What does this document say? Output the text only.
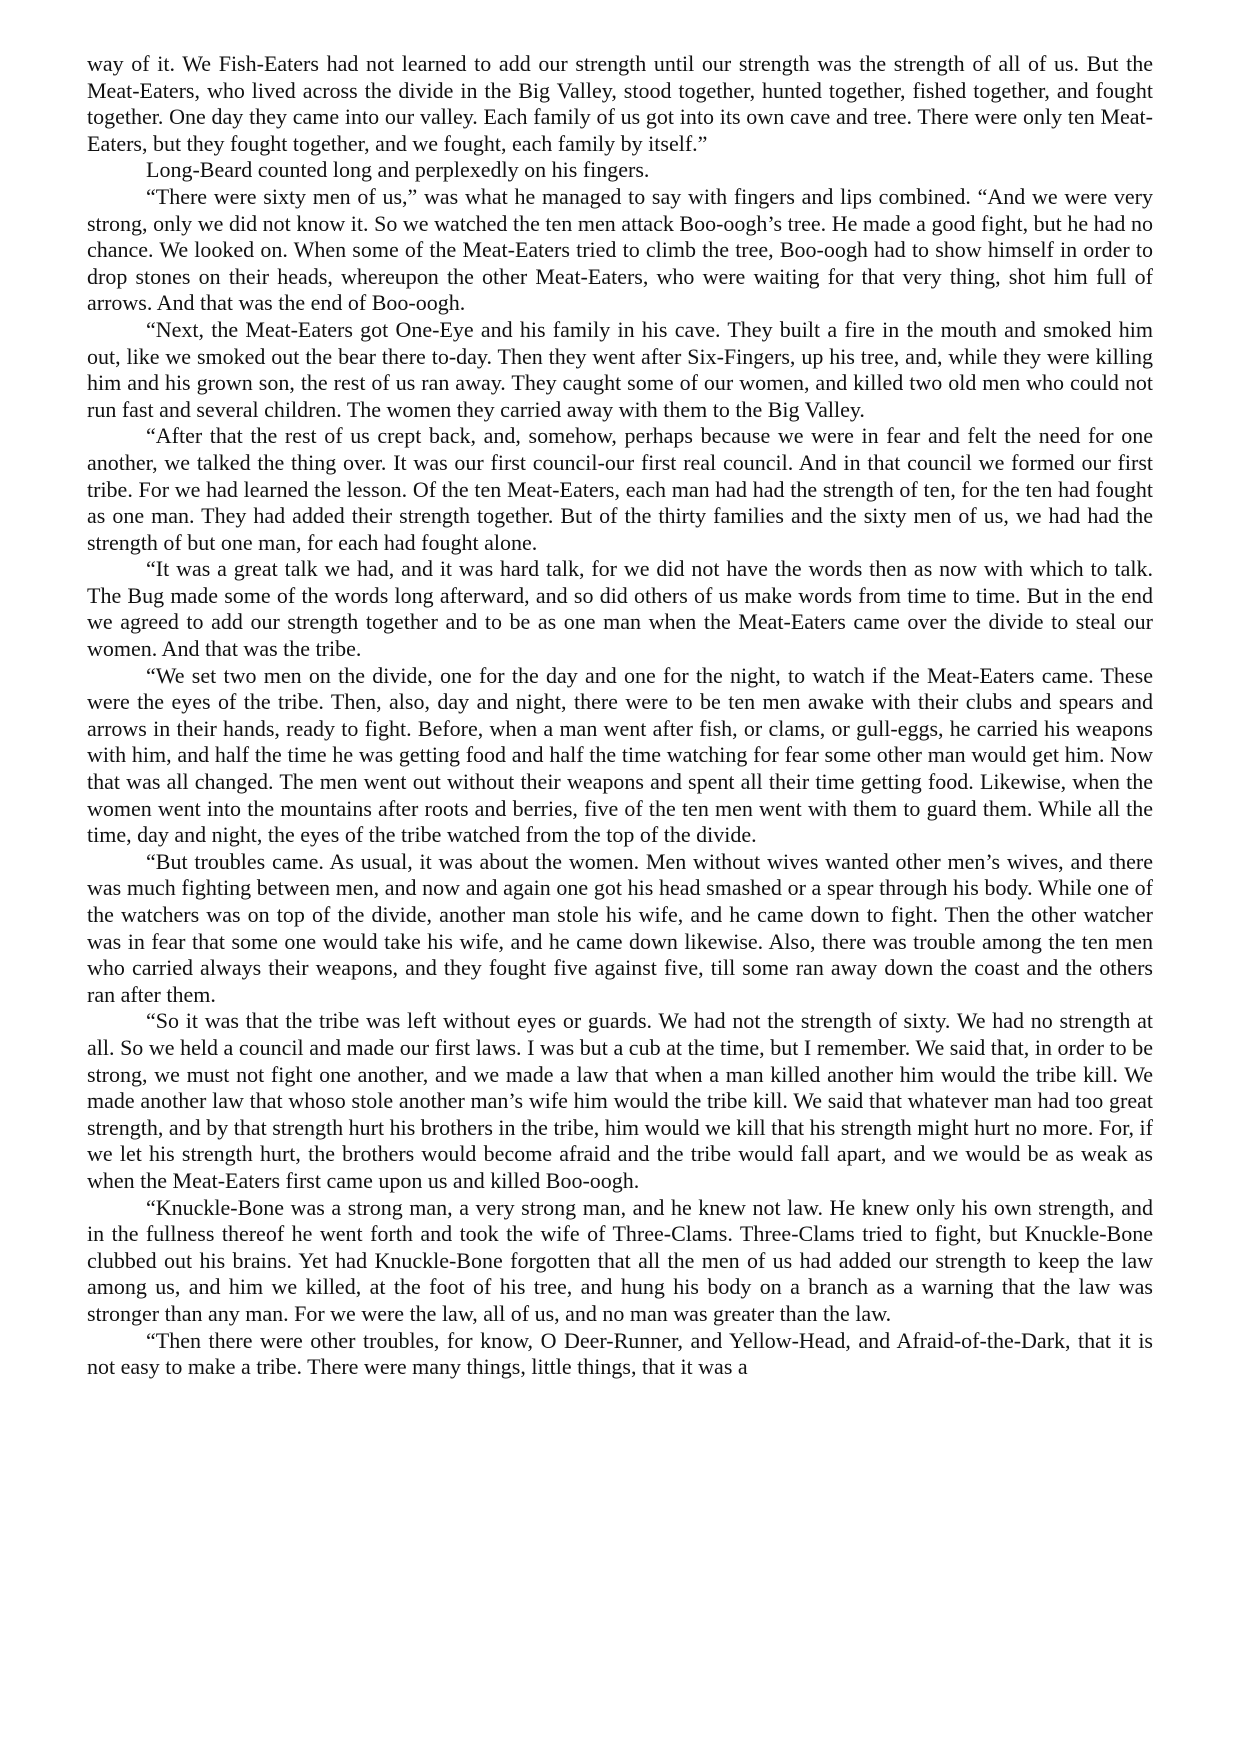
way of it. We Fish-Eaters had not learned to add our strength until our strength was the strength of all of us. But the Meat-Eaters, who lived across the divide in the Big Valley, stood together, hunted together, fished together, and fought together. One day they came into our valley. Each family of us got into its own cave and tree. There were only ten Meat-Eaters, but they fought together, and we fought, each family by itself.”

Long-Beard counted long and perplexedly on his fingers.

“There were sixty men of us,” was what he managed to say with fingers and lips combined. “And we were very strong, only we did not know it. So we watched the ten men attack Boo-oogh’s tree. He made a good fight, but he had no chance. We looked on. When some of the Meat-Eaters tried to climb the tree, Boo-oogh had to show himself in order to drop stones on their heads, whereupon the other Meat-Eaters, who were waiting for that very thing, shot him full of arrows. And that was the end of Boo-oogh.

“Next, the Meat-Eaters got One-Eye and his family in his cave. They built a fire in the mouth and smoked him out, like we smoked out the bear there to-day. Then they went after Six-Fingers, up his tree, and, while they were killing him and his grown son, the rest of us ran away. They caught some of our women, and killed two old men who could not run fast and several children. The women they carried away with them to the Big Valley.

“After that the rest of us crept back, and, somehow, perhaps because we were in fear and felt the need for one another, we talked the thing over. It was our first council-our first real council. And in that council we formed our first tribe. For we had learned the lesson. Of the ten Meat-Eaters, each man had had the strength of ten, for the ten had fought as one man. They had added their strength together. But of the thirty families and the sixty men of us, we had had the strength of but one man, for each had fought alone.

“It was a great talk we had, and it was hard talk, for we did not have the words then as now with which to talk. The Bug made some of the words long afterward, and so did others of us make words from time to time. But in the end we agreed to add our strength together and to be as one man when the Meat-Eaters came over the divide to steal our women. And that was the tribe.

“We set two men on the divide, one for the day and one for the night, to watch if the Meat-Eaters came. These were the eyes of the tribe. Then, also, day and night, there were to be ten men awake with their clubs and spears and arrows in their hands, ready to fight. Before, when a man went after fish, or clams, or gull-eggs, he carried his weapons with him, and half the time he was getting food and half the time watching for fear some other man would get him. Now that was all changed. The men went out without their weapons and spent all their time getting food. Likewise, when the women went into the mountains after roots and berries, five of the ten men went with them to guard them. While all the time, day and night, the eyes of the tribe watched from the top of the divide.

“But troubles came. As usual, it was about the women. Men without wives wanted other men’s wives, and there was much fighting between men, and now and again one got his head smashed or a spear through his body. While one of the watchers was on top of the divide, another man stole his wife, and he came down to fight. Then the other watcher was in fear that some one would take his wife, and he came down likewise. Also, there was trouble among the ten men who carried always their weapons, and they fought five against five, till some ran away down the coast and the others ran after them.

“So it was that the tribe was left without eyes or guards. We had not the strength of sixty. We had no strength at all. So we held a council and made our first laws. I was but a cub at the time, but I remember. We said that, in order to be strong, we must not fight one another, and we made a law that when a man killed another him would the tribe kill. We made another law that whoso stole another man’s wife him would the tribe kill. We said that whatever man had too great strength, and by that strength hurt his brothers in the tribe, him would we kill that his strength might hurt no more. For, if we let his strength hurt, the brothers would become afraid and the tribe would fall apart, and we would be as weak as when the Meat-Eaters first came upon us and killed Boo-oogh.

“Knuckle-Bone was a strong man, a very strong man, and he knew not law. He knew only his own strength, and in the fullness thereof he went forth and took the wife of Three-Clams. Three-Clams tried to fight, but Knuckle-Bone clubbed out his brains. Yet had Knuckle-Bone forgotten that all the men of us had added our strength to keep the law among us, and him we killed, at the foot of his tree, and hung his body on a branch as a warning that the law was stronger than any man. For we were the law, all of us, and no man was greater than the law.

“Then there were other troubles, for know, O Deer-Runner, and Yellow-Head, and Afraid-of-the-Dark, that it is not easy to make a tribe. There were many things, little things, that it was a
